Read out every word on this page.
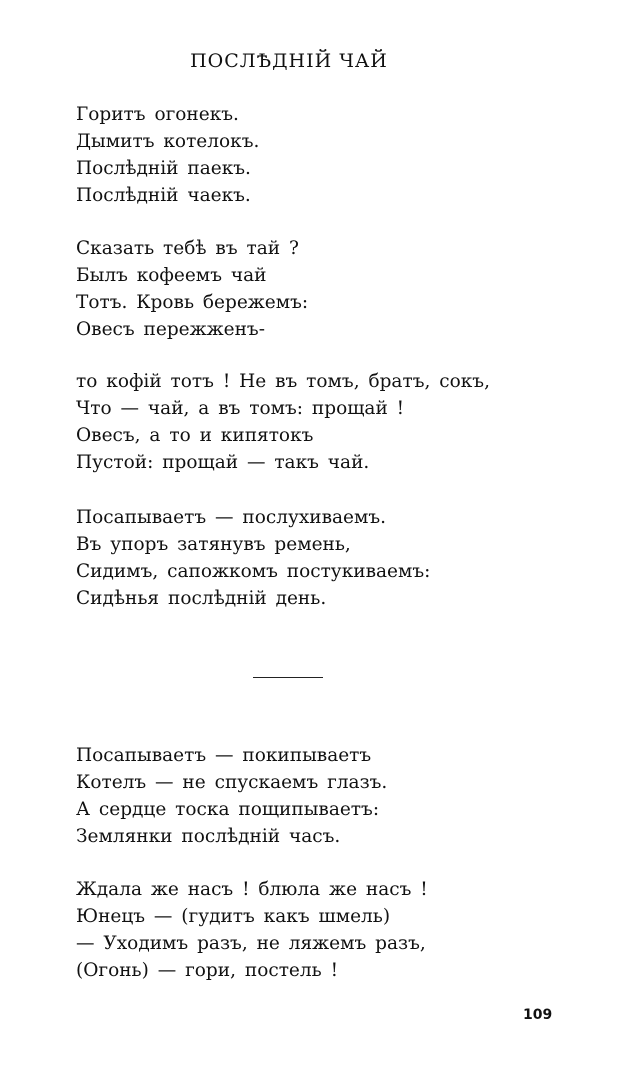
ПОСЛѢДНІЙ ЧАЙ
Горитъ огонекъ.
Дымитъ котелокъ.
Послѣдній паекъ.
Послѣдній чаекъ.
Сказать тебѣ въ тай ?
Былъ кофеемъ чай
Тотъ. Кровь бережемъ:
Овесъ пережженъ-
то кофій тотъ ! Не въ томъ, братъ, сокъ,
Что — чай, а въ томъ: прощай !
Овесъ, а то и кипятокъ
Пустой: прощай — такъ чай.
Посапываетъ — послухиваемъ.
Въ упоръ затянувъ ремень,
Сидимъ, сапожкомъ постукиваемъ:
Сидѣнья послѣдній день.
Посапываетъ — покипываетъ
Котелъ — не спускаемъ глазъ.
А сердце тоска пощипываетъ:
Землянки послѣдній часъ.
Ждала же насъ ! блюла же насъ !
Юнецъ — (гудитъ какъ шмель)
— Уходимъ разъ, не ляжемъ разъ,
(Огонь) — гори, постель !
109
